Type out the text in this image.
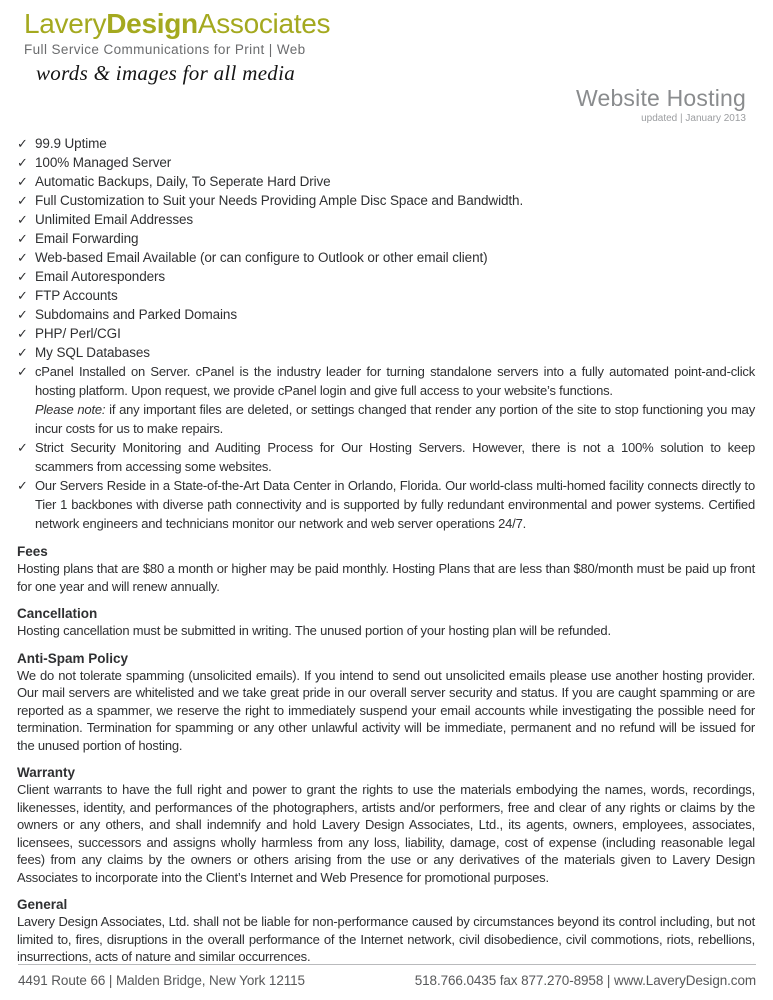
LaveryDesignAssociates
Full Service Communications for Print | Web
words & images for all media
Website Hosting
updated | January 2013
✓ 99.9 Uptime
✓ 100% Managed Server
✓ Automatic Backups, Daily, To Seperate Hard Drive
✓ Full Customization to Suit your Needs Providing Ample Disc Space and Bandwidth.
✓ Unlimited Email Addresses
✓ Email Forwarding
✓ Web-based Email Available (or can configure to Outlook or other email client)
✓ Email Autoresponders
✓ FTP Accounts
✓ Subdomains and Parked Domains
✓ PHP/ Perl/CGI
✓ My SQL Databases
✓ cPanel Installed on Server. cPanel is the industry leader for turning standalone servers into a fully automated point-and-click hosting platform. Upon request, we provide cPanel login and give full access to your website’s functions.

Please note: if any important files are deleted, or settings changed that render any portion of the site to stop functioning you may incur costs for us to make repairs.

✓ Strict Security Monitoring and Auditing Process for Our Hosting Servers. However, there is not a 100% solution to keep scammers from accessing some websites.
✓ Our Servers Reside in a State-of-the-Art Data Center in Orlando, Florida. Our world-class multi-homed facility connects directly to Tier 1 backbones with diverse path connectivity and is supported by fully redundant environmental and power systems. Certified network engineers and technicians monitor our network and web server operations 24/7.
Fees

Hosting plans that are $80 a month or higher may be paid monthly. Hosting Plans that are less than $80/month must be paid up front for one year and will renew annually.

Cancellation

Hosting cancellation must be submitted in writing. The unused portion of your hosting plan will be refunded.

Anti-Spam Policy

We do not tolerate spamming (unsolicited emails). If you intend to send out unsolicited emails please use another hosting provider. Our mail servers are whitelisted and we take great pride in our overall server security and status. If you are caught spamming or are reported as a spammer, we reserve the right to immediately suspend your email accounts while investigating the possible need for termination. Termination for spamming or any other unlawful activity will be immediate, permanent and no refund will be issued for the unused portion of hosting.

Warranty

Client warrants to have the full right and power to grant the rights to use the materials embodying the names, words, recordings, likenesses, identity, and performances of the photographers, artists and/or performers, free and clear of any rights or claims by the owners or any others, and shall indemnify and hold Lavery Design Associates, Ltd., its agents, owners, employees, associates, licensees, successors and assigns wholly harmless from any loss, liability, damage, cost of expense (including reasonable legal fees) from any claims by the owners or others arising from the use or any derivatives of the materials given to Lavery Design Associates to incorporate into the Client’s Internet and Web Presence for promotional purposes.

General

Lavery Design Associates, Ltd. shall not be liable for non-performance caused by circumstances beyond its control including, but not limited to, fires, disruptions in the overall performance of the Internet network, civil disobedience, civil commotions, riots, rebellions, insurrections, acts of nature and similar occurrences.

4491 Route 66 | Malden Bridge, New York 12115	518.766.0435 fax 877.270-8958 | www.LaveryDesign.com
